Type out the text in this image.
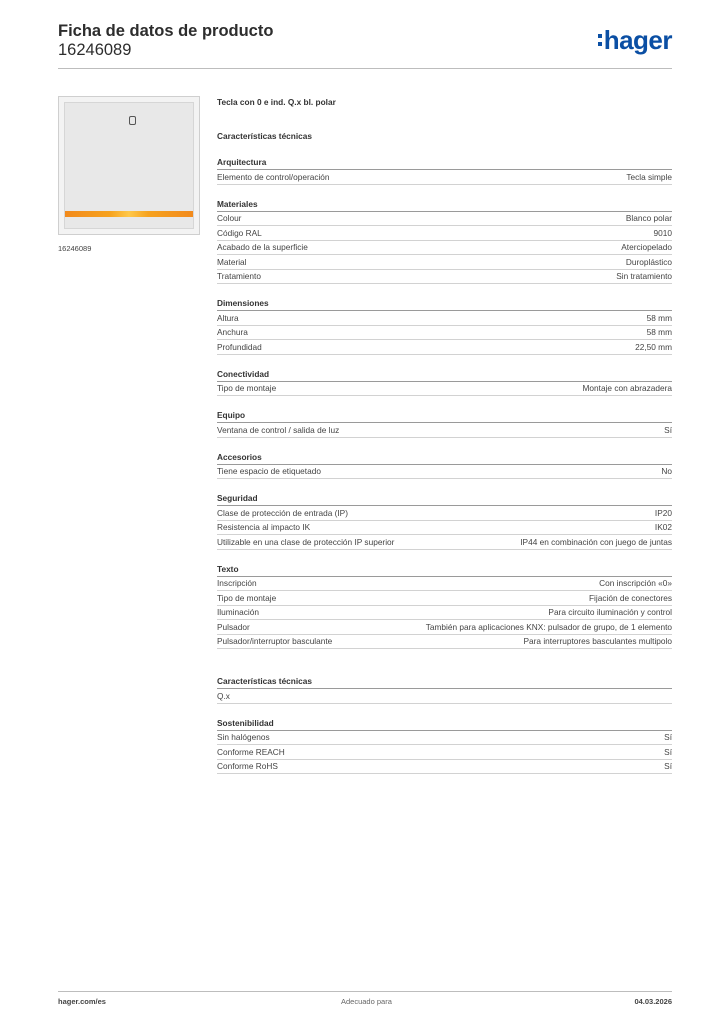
Ficha de datos de producto
16246089	hager
16246089
Tecla con 0 e ind. Q.x bl. polar
Características técnicas
Arquitectura
Elemento de control/operación	Tecla simple
Materiales
Colour	Blanco polar
Código RAL	9010
Acabado de la superficie	Aterciopelado
Material	Duroplástico
Tratamiento	Sin tratamiento
Dimensiones
Altura	58 mm
Anchura	58 mm
Profundidad	22,50 mm
Conectividad
Tipo de montaje	Montaje con abrazadera
Equipo
Ventana de control / salida de luz	Sí
Accesorios
Tiene espacio de etiquetado	No
Seguridad
Clase de protección de entrada (IP)	IP20
Resistencia al impacto IK	IK02
Utilizable en una clase de protección IP superior	IP44 en combinación con juego de juntas
Texto
Inscripción	Con inscripción «0»
Tipo de montaje	Fijación de conectores
Iluminación	Para circuito iluminación y control
Pulsador	También para aplicaciones KNX: pulsador de grupo, de 1 elemento
Pulsador/interruptor basculante	Para interruptores basculantes multipolo
Características técnicas
Q.x
Sostenibilidad
Sin halógenos	Sí
Conforme REACH	Sí
Conforme RoHS	Sí
hager.com/es	Adecuado para	04.03.2026
